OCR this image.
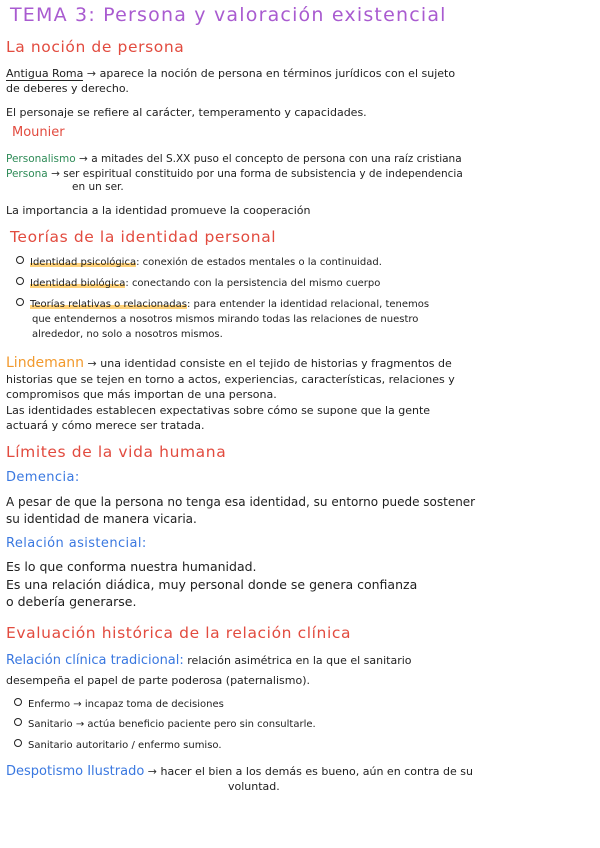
TEMA 3: Persona y valoración existencial
La noción de persona
Antigua Roma → aparece la noción de persona en términos jurídicos con el sujeto
de deberes y derecho.
El personaje se refiere al carácter, temperamento y capacidades.
Mounier
Personalismo → a mitades del S.XX puso el concepto de persona con una raíz cristiana
Persona → ser espiritual constituido por una forma de subsistencia y de independencia
en un ser.
La importancia a la identidad promueve la cooperación
Teorías de la identidad personal
Identidad psicológica: conexión de estados mentales o la continuidad.
Identidad biológica: conectando con la persistencia del mismo cuerpo
Teorías relativas o relacionadas: para entender la identidad relacional, tenemos
que entendernos a nosotros mismos mirando todas las relaciones de nuestro
alrededor, no solo a nosotros mismos.
Lindemann → una identidad consiste en el tejido de historias y fragmentos de
historias que se tejen en torno a actos, experiencias, características, relaciones y
compromisos que más importan de una persona.
Las identidades establecen expectativas sobre cómo se supone que la gente
actuará y cómo merece ser tratada.
Límites de la vida humana
Demencia:
A pesar de que la persona no tenga esa identidad, su entorno puede sostener
su identidad de manera vicaria.
Relación asistencial:
Es lo que conforma nuestra humanidad.
Es una relación diádica, muy personal donde se genera confianza
o debería generarse.
Evaluación histórica de la relación clínica
Relación clínica tradicional: relación asimétrica en la que el sanitario
desempeña el papel de parte poderosa (paternalismo).
Enfermo → incapaz toma de decisiones
Sanitario → actúa beneficio paciente pero sin consultarle.
Sanitario autoritario / enfermo sumiso.
Despotismo Ilustrado → hacer el bien a los demás es bueno, aún en contra de su
voluntad.
